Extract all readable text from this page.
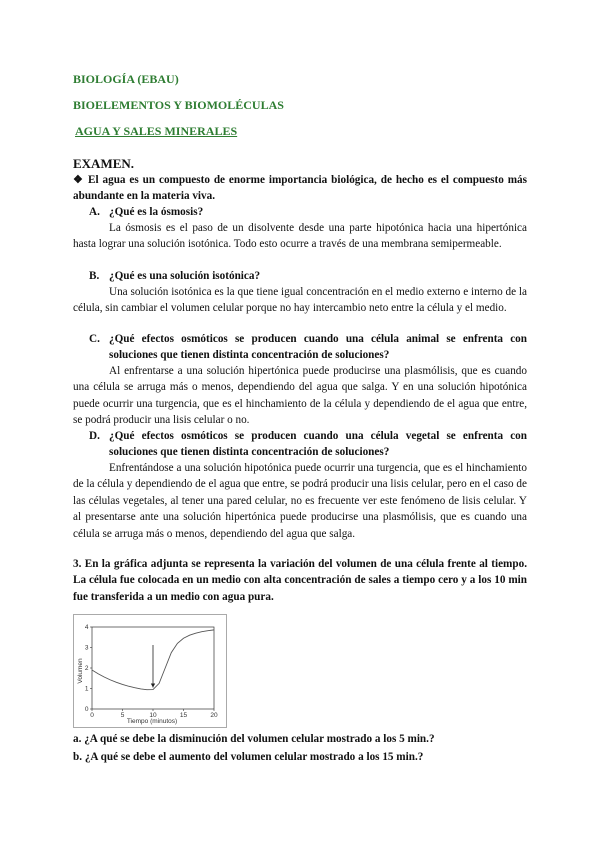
BIOLOGÍA (EBAU)
BIOELEMENTOS Y BIOMOLÉCULAS
AGUA Y SALES MINERALES
EXAMEN.
❖ El agua es un compuesto de enorme importancia biológica, de hecho es el compuesto más abundante en la materia viva.
A. ¿Qué es la ósmosis?
La ósmosis es el paso de un disolvente desde una parte hipotónica hacia una hipertónica hasta lograr una solución isotónica. Todo esto ocurre a través de una membrana semipermeable.
B. ¿Qué es una solución isotónica?
Una solución isotónica es la que tiene igual concentración en el medio externo e interno de la célula, sin cambiar el volumen celular porque no hay intercambio neto entre la célula y el medio.
C. ¿Qué efectos osmóticos se producen cuando una célula animal se enfrenta con soluciones que tienen distinta concentración de soluciones?
Al enfrentarse a una solución hipertónica puede producirse una plasmólisis, que es cuando una célula se arruga más o menos, dependiendo del agua que salga. Y en una solución hipotónica puede ocurrir una turgencia, que es el hinchamiento de la célula y dependiendo de el agua que entre, se podrá producir una lisis celular o no.
D. ¿Qué efectos osmóticos se producen cuando una célula vegetal se enfrenta con soluciones que tienen distinta concentración de soluciones?
Enfrentándose a una solución hipotónica puede ocurrir una turgencia, que es el hinchamiento de la célula y dependiendo de el agua que entre, se podrá producir una lisis celular, pero en el caso de las células vegetales, al tener una pared celular, no es frecuente ver este fenómeno de lisis celular. Y al presentarse ante una solución hipertónica puede producirse una plasmólisis, que es cuando una célula se arruga más o menos, dependiendo del agua que salga.
3. En la gráfica adjunta se representa la variación del volumen de una célula frente al tiempo. La célula fue colocada en un medio con alta concentración de sales a tiempo cero y a los 10 min fue transferida a un medio con agua pura.
0	5	10	15	20
0
1
2
3
4
Tiempo (minutos)
Volumen
a. ¿A qué se debe la disminución del volumen celular mostrado a los 5 min.?
b. ¿A qué se debe el aumento del volumen celular mostrado a los 15 min.?
